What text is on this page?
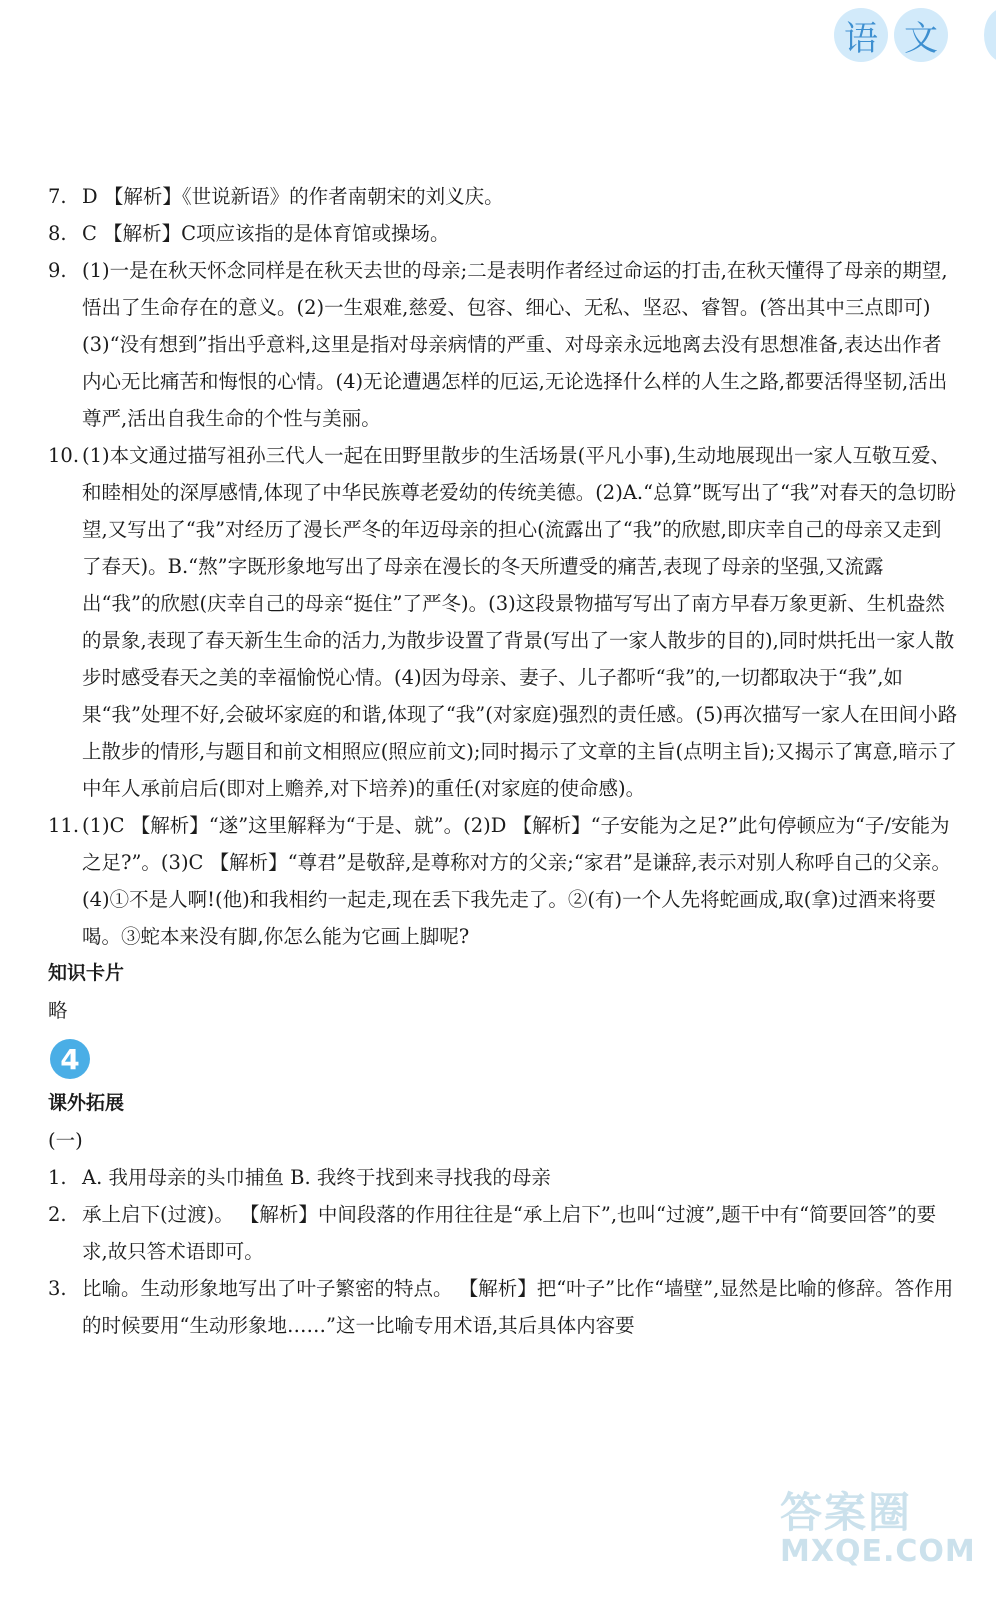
语 文
7. D 【解析】《世说新语》的作者南朝宋的刘义庆。
8. C 【解析】C项应该指的是体育馆或操场。
9. (1)一是在秋天怀念同样是在秋天去世的母亲;二是表明作者经过命运的打击,在秋天懂得了母亲的期望,悟出了生命存在的意义。(2)一生艰难,慈爱、包容、细心、无私、坚忍、睿智。(答出其中三点即可)(3)“没有想到”指出乎意料,这里是指对母亲病情的严重、对母亲永远地离去没有思想准备,表达出作者内心无比痛苦和悔恨的心情。(4)无论遭遇怎样的厄运,无论选择什么样的人生之路,都要活得坚韧,活出尊严,活出自我生命的个性与美丽。
10. (1)本文通过描写祖孙三代人一起在田野里散步的生活场景(平凡小事),生动地展现出一家人互敬互爱、和睦相处的深厚感情,体现了中华民族尊老爱幼的传统美德。(2)A.“总算”既写出了“我”对春天的急切盼望,又写出了“我”对经历了漫长严冬的年迈母亲的担心(流露出了“我”的欣慰,即庆幸自己的母亲又走到了春天)。B.“熬”字既形象地写出了母亲在漫长的冬天所遭受的痛苦,表现了母亲的坚强,又流露出“我”的欣慰(庆幸自己的母亲“挺住”了严冬)。(3)这段景物描写写出了南方早春万象更新、生机盎然的景象,表现了春天新生生命的活力,为散步设置了背景(写出了一家人散步的目的),同时烘托出一家人散步时感受春天之美的幸福愉悦心情。(4)因为母亲、妻子、儿子都听“我”的,一切都取决于“我”,如果“我”处理不好,会破坏家庭的和谐,体现了“我”(对家庭)强烈的责任感。(5)再次描写一家人在田间小路上散步的情形,与题目和前文相照应(照应前文);同时揭示了文章的主旨(点明主旨);又揭示了寓意,暗示了中年人承前启后(即对上赡养,对下培养)的重任(对家庭的使命感)。
11. (1)C 【解析】“遂”这里解释为“于是、就”。(2)D 【解析】“子安能为之足?”此句停顿应为“子/安能为之足?”。(3)C 【解析】“尊君”是敬辞,是尊称对方的父亲;“家君”是谦辞,表示对别人称呼自己的父亲。(4)①不是人啊!(他)和我相约一起走,现在丢下我先走了。②(有)一个人先将蛇画成,取(拿)过酒来将要喝。③蛇本来没有脚,你怎么能为它画上脚呢?
知识卡片
略
4
课外拓展
(一)
1. A. 我用母亲的头巾捕鱼 B. 我终于找到来寻找我的母亲
2. 承上启下(过渡)。 【解析】中间段落的作用往往是“承上启下”,也叫“过渡”,题干中有“简要回答”的要求,故只答术语即可。
3. 比喻。生动形象地写出了叶子繁密的特点。 【解析】把“叶子”比作“墙壁”,显然是比喻的修辞。答作用的时候要用“生动形象地……”这一比喻专用术语,其后具体内容要
答案圈
MXQE.COM
